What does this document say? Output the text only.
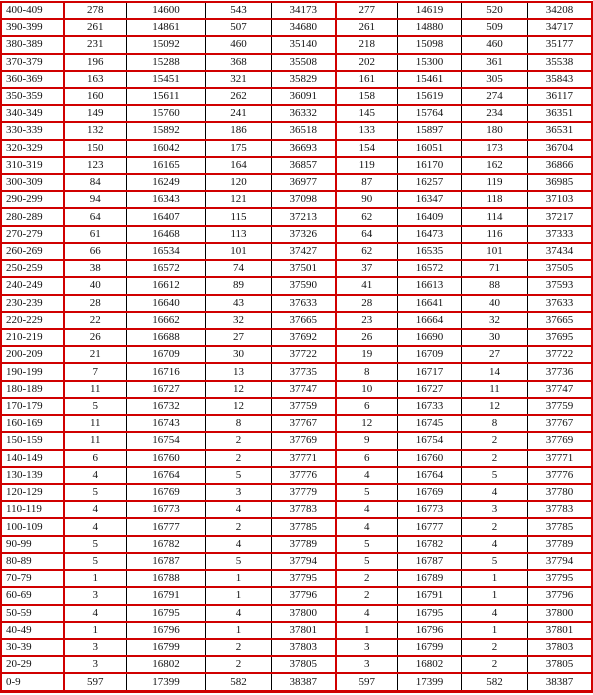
400-409	278	14600	543	34173	277	14619	520	34208
390-399	261	14861	507	34680	261	14880	509	34717
380-389	231	15092	460	35140	218	15098	460	35177
370-379	196	15288	368	35508	202	15300	361	35538
360-369	163	15451	321	35829	161	15461	305	35843
350-359	160	15611	262	36091	158	15619	274	36117
340-349	149	15760	241	36332	145	15764	234	36351
330-339	132	15892	186	36518	133	15897	180	36531
320-329	150	16042	175	36693	154	16051	173	36704
310-319	123	16165	164	36857	119	16170	162	36866
300-309	84	16249	120	36977	87	16257	119	36985
290-299	94	16343	121	37098	90	16347	118	37103
280-289	64	16407	115	37213	62	16409	114	37217
270-279	61	16468	113	37326	64	16473	116	37333
260-269	66	16534	101	37427	62	16535	101	37434
250-259	38	16572	74	37501	37	16572	71	37505
240-249	40	16612	89	37590	41	16613	88	37593
230-239	28	16640	43	37633	28	16641	40	37633
220-229	22	16662	32	37665	23	16664	32	37665
210-219	26	16688	27	37692	26	16690	30	37695
200-209	21	16709	30	37722	19	16709	27	37722
190-199	7	16716	13	37735	8	16717	14	37736
180-189	11	16727	12	37747	10	16727	11	37747
170-179	5	16732	12	37759	6	16733	12	37759
160-169	11	16743	8	37767	12	16745	8	37767
150-159	11	16754	2	37769	9	16754	2	37769
140-149	6	16760	2	37771	6	16760	2	37771
130-139	4	16764	5	37776	4	16764	5	37776
120-129	5	16769	3	37779	5	16769	4	37780
110-119	4	16773	4	37783	4	16773	3	37783
100-109	4	16777	2	37785	4	16777	2	37785
90-99	5	16782	4	37789	5	16782	4	37789
80-89	5	16787	5	37794	5	16787	5	37794
70-79	1	16788	1	37795	2	16789	1	37795
60-69	3	16791	1	37796	2	16791	1	37796
50-59	4	16795	4	37800	4	16795	4	37800
40-49	1	16796	1	37801	1	16796	1	37801
30-39	3	16799	2	37803	3	16799	2	37803
20-29	3	16802	2	37805	3	16802	2	37805
0-9	597	17399	582	38387	597	17399	582	38387
